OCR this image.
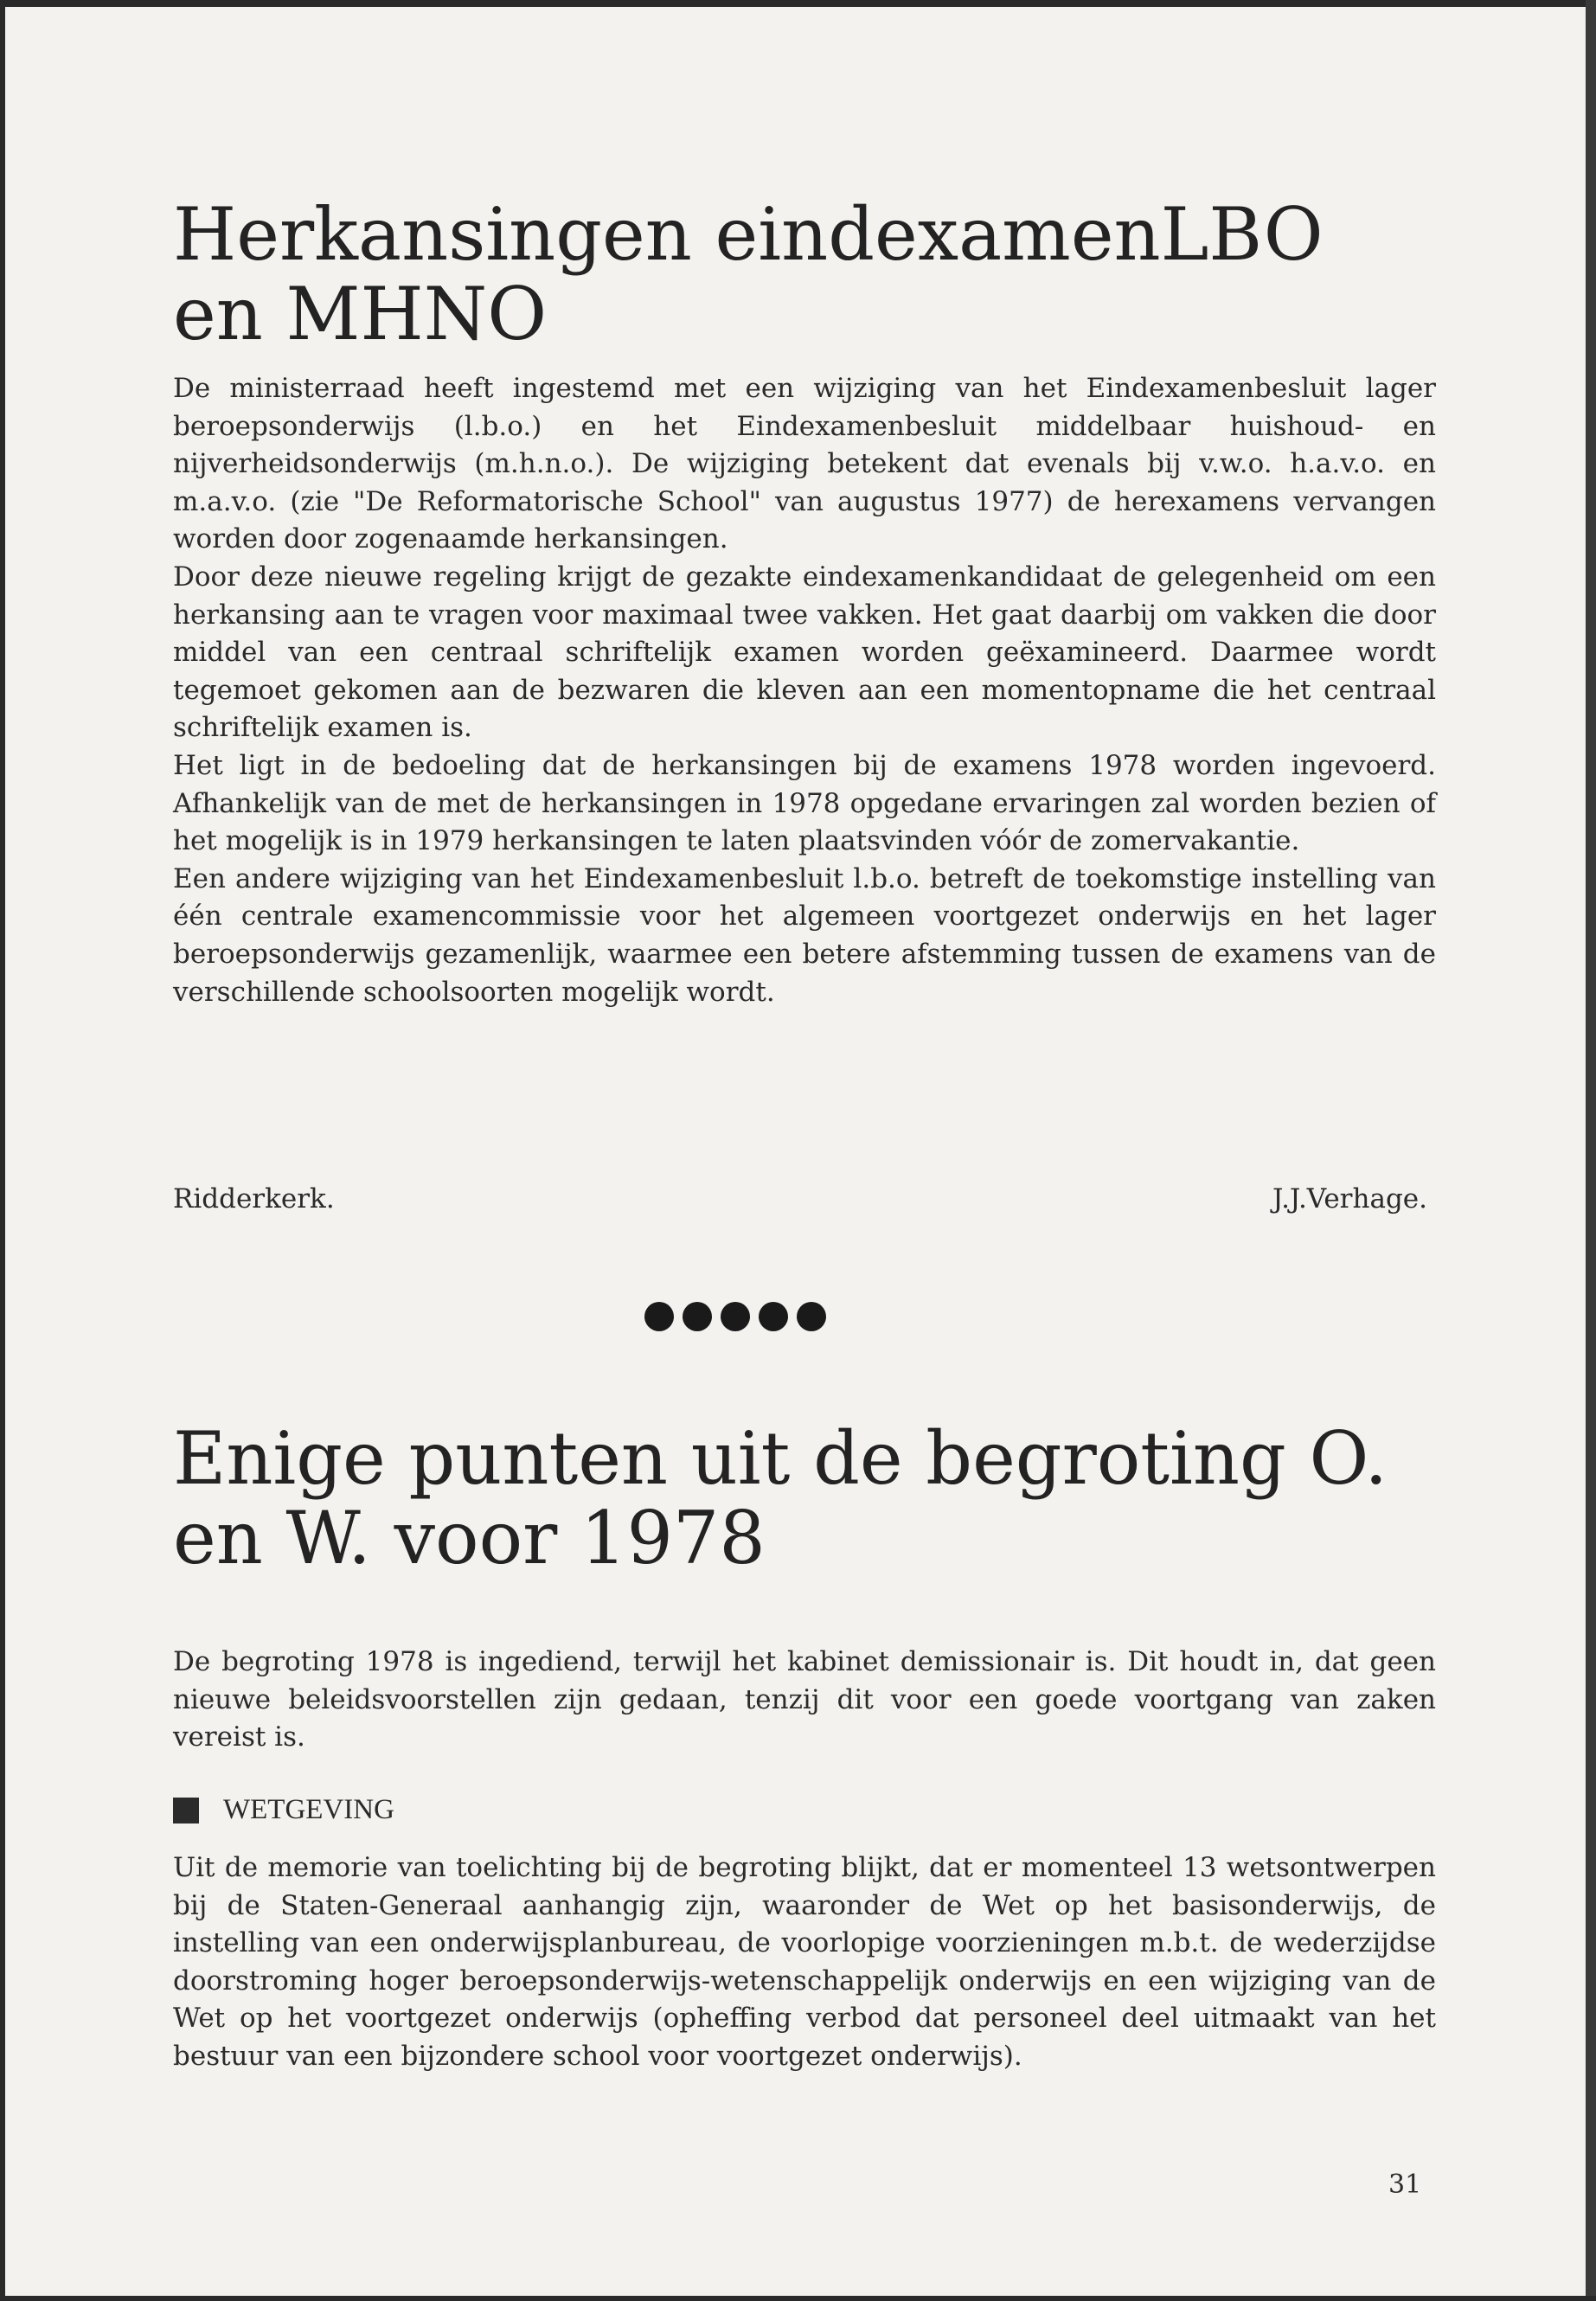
Herkansingen eindexamenLBO en MHNO

De ministerraad heeft ingestemd met een wijziging van het Eindexamenbesluit lager beroepsonderwijs (l.b.o.) en het Eindexamenbesluit middelbaar huishoud- en nijverheidsonderwijs (m.h.n.o.). De wijziging betekent dat evenals bij v.w.o. h.a.v.o. en m.a.v.o. (zie "De Reformatorische School" van augustus 1977) de herexamens vervangen worden door zogenaamde herkansingen.

Door deze nieuwe regeling krijgt de gezakte eindexamenkandidaat de gelegenheid om een herkansing aan te vragen voor maximaal twee vakken. Het gaat daarbij om vakken die door middel van een centraal schriftelijk examen worden geëxamineerd. Daarmee wordt tegemoet gekomen aan de bezwaren die kleven aan een momentopname die het centraal schriftelijk examen is.

Het ligt in de bedoeling dat de herkansingen bij de examens 1978 worden ingevoerd. Afhankelijk van de met de herkansingen in 1978 opgedane ervaringen zal worden bezien of het mogelijk is in 1979 herkansingen te laten plaatsvinden vóór de zomervakantie.

Een andere wijziging van het Eindexamenbesluit l.b.o. betreft de toekomstige instelling van één centrale examencommissie voor het algemeen voortgezet onderwijs en het lager beroepsonderwijs gezamenlijk, waarmee een betere afstemming tussen de examens van de verschillende schoolsoorten mogelijk wordt.

Ridderkerk.	J.J.Verhage.
Enige punten uit de begroting O. en W. voor 1978

De begroting 1978 is ingediend, terwijl het kabinet demissionair is. Dit houdt in, dat geen nieuwe beleidsvoorstellen zijn gedaan, tenzij dit voor een goede voortgang van zaken vereist is.

WETGEVING

Uit de memorie van toelichting bij de begroting blijkt, dat er momenteel 13 wetsontwerpen bij de Staten-Generaal aanhangig zijn, waaronder de Wet op het basisonderwijs, de instelling van een onderwijsplanbureau, de voorlopige voorzieningen m.b.t. de wederzijdse doorstroming hoger beroepsonderwijs-wetenschappelijk onderwijs en een wijziging van de Wet op het voortgezet onderwijs (opheffing verbod dat personeel deel uitmaakt van het bestuur van een bijzondere school voor voortgezet onderwijs).

31
